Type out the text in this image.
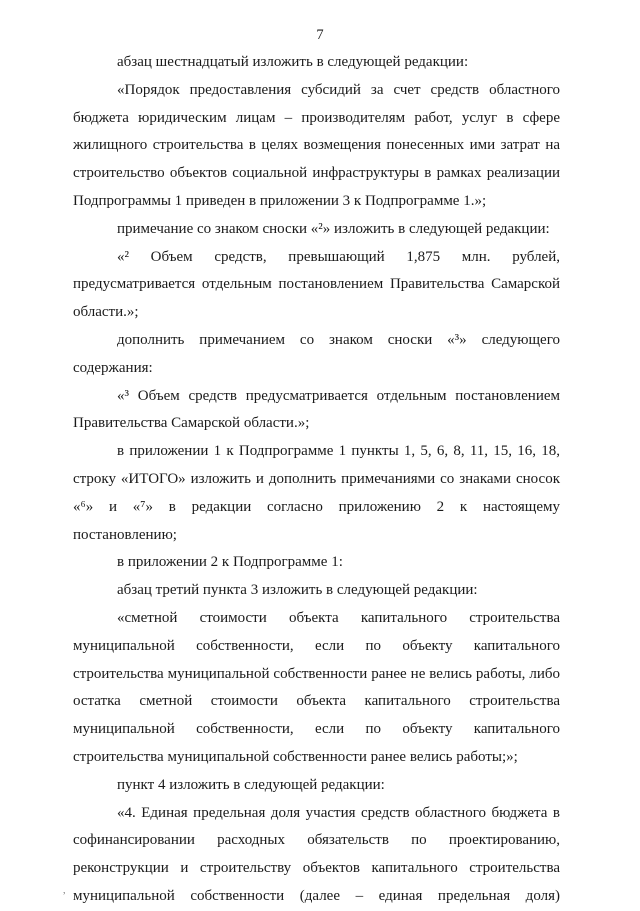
7

абзац шестнадцатый изложить в следующей редакции:

«Порядок предоставления субсидий за счет средств областного

бюджета юридическим лицам – производителям работ, услуг в сфере

жилищного строительства в целях возмещения понесенных ими затрат на

строительство объектов социальной инфраструктуры в рамках реализации

Подпрограммы 1 приведен в приложении 3 к Подпрограмме 1.»;

примечание со знаком сноски «²» изложить в следующей редакции:

«² Объем средств, превышающий 1,875 млн. рублей,

предусматривается отдельным постановлением Правительства Самарской

области.»;

дополнить примечанием со знаком сноски «³» следующего

содержания:

«³ Объем средств предусматривается отдельным постановлением

Правительства Самарской области.»;

в приложении 1 к Подпрограмме 1 пункты 1, 5, 6, 8, 11, 15, 16, 18,

строку «ИТОГО» изложить и дополнить примечаниями со знаками сносок

«⁶» и «⁷» в редакции согласно приложению 2 к настоящему

постановлению;

в приложении 2 к Подпрограмме 1:

абзац третий пункта 3 изложить в следующей редакции:

«сметной стоимости объекта капитального строительства

муниципальной собственности, если по объекту капитального

строительства муниципальной собственности ранее не велись работы, либо

остатка сметной стоимости объекта капитального строительства

муниципальной собственности, если по объекту капитального

строительства муниципальной собственности ранее велись работы;»;

пункт 4 изложить в следующей редакции:

«4. Единая предельная доля участия средств областного бюджета в

софинансировании расходных обязательств по проектированию,

реконструкции и строительству объектов капитального строительства

муниципальной собственности (далее – единая предельная доля)

,
